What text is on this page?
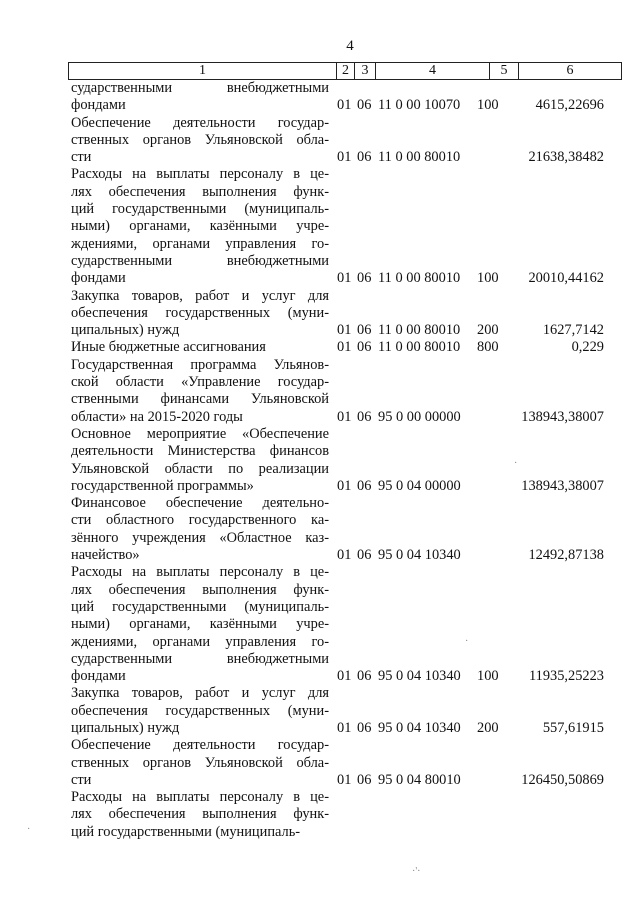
4
1	2	3	4	5	6
сударственными внебюджетными
фондами	01 06 11 0 00 10070 100	4615,22696
Обеспечение деятельности государ-
ственных органов Ульяновской обла-
сти	01 06 11 0 00 80010	21638,38482
Расходы на выплаты персоналу в це-
лях обеспечения выполнения функ-
ций государственными (муниципаль-
ными) органами, казёнными учре-
ждениями, органами управления го-
сударственными внебюджетными
фондами	01 06 11 0 00 80010 100	20010,44162
Закупка товаров, работ и услуг для
обеспечения государственных (муни-
ципальных) нужд	01 06 11 0 00 80010 200	1627,7142
Иные бюджетные ассигнования	01 06 11 0 00 80010 800	0,229
Государственная программа Ульянов-
ской области «Управление государ-
ственными финансами Ульяновской
области» на 2015-2020 годы	01 06 95 0 00 00000	138943,38007
Основное мероприятие «Обеспечение
деятельности Министерства финансов
Ульяновской области по реализации
государственной программы»	01 06 95 0 04 00000	138943,38007
Финансовое обеспечение деятельно-
сти областного государственного ка-
зённого учреждения «Областное каз-
начейство»	01 06 95 0 04 10340	12492,87138
Расходы на выплаты персоналу в це-
лях обеспечения выполнения функ-
ций государственными (муниципаль-
ными) органами, казёнными учре-
ждениями, органами управления го-
сударственными внебюджетными
фондами	01 06 95 0 04 10340 100	11935,25223
Закупка товаров, работ и услуг для
обеспечения государственных (муни-
ципальных) нужд	01 06 95 0 04 10340 200	557,61915
Обеспечение деятельности государ-
ственных органов Ульяновской обла-
сти	01 06 95 0 04 80010	126450,50869
Расходы на выплаты персоналу в це-
лях обеспечения выполнения функ-
ций государственными (муниципаль-
·
·
·
·'·
